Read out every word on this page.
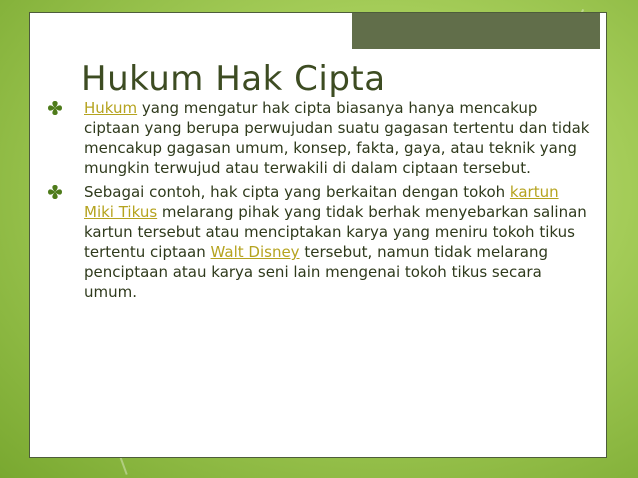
Hukum Hak Cipta
Hukum yang mengatur hak cipta biasanya hanya mencakup ciptaan yang berupa perwujudan suatu gagasan tertentu dan tidak mencakup gagasan umum, konsep, fakta, gaya, atau teknik yang mungkin terwujud atau terwakili di dalam ciptaan tersebut.
Sebagai contoh, hak cipta yang berkaitan dengan tokoh kartun Miki Tikus melarang pihak yang tidak berhak menyebarkan salinan kartun tersebut atau menciptakan karya yang meniru tokoh tikus tertentu ciptaan Walt Disney tersebut, namun tidak melarang penciptaan atau karya seni lain mengenai tokoh tikus secara umum.
